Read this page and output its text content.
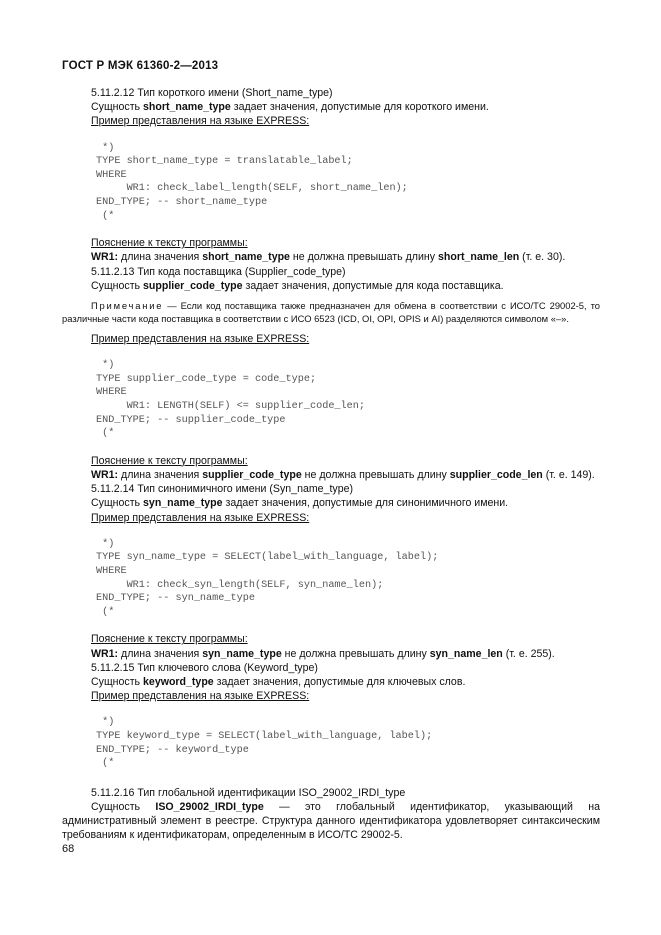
ГОСТ Р МЭК 61360-2—2013

5.11.2.12 Тип короткого имени (Short_name_type)

Сущность short_name_type задает значения, допустимые для короткого имени.

Пример представления на языке EXPRESS:

*)
TYPE short_name_type = translatable_label;
WHERE
WR1: check_label_length(SELF, short_name_len);
END_TYPE; -- short_name_type
(*

Пояснение к тексту программы:

WR1: длина значения short_name_type не должна превышать длину short_name_len (т. е. 30).

5.11.2.13 Тип кода поставщика (Supplier_code_type)

Сущность supplier_code_type задает значения, допустимые для кода поставщика.

Примечание — Если код поставщика также предназначен для обмена в соответствии с ИСО/ТС 29002-5, то различные части кода поставщика в соответствии с ИСО 6523 (ICD, OI, OPI, OPIS и AI) разделяются символом «–».

Пример представления на языке EXPRESS:

*)
TYPE supplier_code_type = code_type;
WHERE
WR1: LENGTH(SELF) <= supplier_code_len;
END_TYPE; -- supplier_code_type
(*

Пояснение к тексту программы:

WR1: длина значения supplier_code_type не должна превышать длину supplier_code_len (т. е. 149).

5.11.2.14 Тип синонимичного имени (Syn_name_type)

Сущность syn_name_type задает значения, допустимые для синонимичного имени.

Пример представления на языке EXPRESS:

*)
TYPE syn_name_type = SELECT(label_with_language, label);
WHERE
WR1: check_syn_length(SELF, syn_name_len);
END_TYPE; -- syn_name_type
(*

Пояснение к тексту программы:

WR1: длина значения syn_name_type не должна превышать длину syn_name_len (т. е. 255).

5.11.2.15 Тип ключевого слова (Keyword_type)

Сущность keyword_type задает значения, допустимые для ключевых слов.

Пример представления на языке EXPRESS:

*)
TYPE keyword_type = SELECT(label_with_language, label);
END_TYPE; -- keyword_type
(*

5.11.2.16 Тип глобальной идентификации ISO_29002_IRDI_type

Сущность ISO_29002_IRDI_type — это глобальный идентификатор, указывающий на административный элемент в реестре. Структура данного идентификатора удовлетворяет синтаксическим требованиям к идентификаторам, определенным в ИСО/ТС 29002-5.

68
